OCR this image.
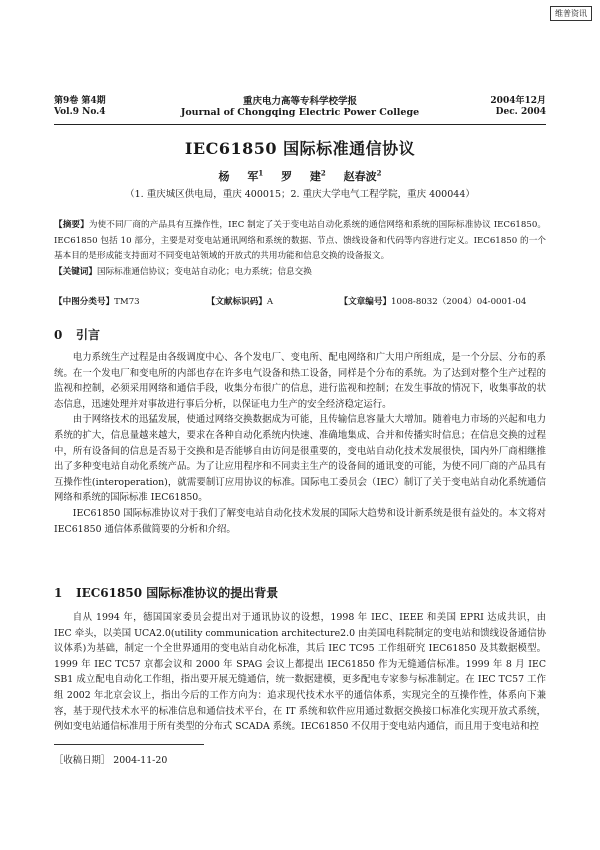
维普资讯
第9卷 第4期
Vol.9 No.4
重庆电力高等专科学校学报
Journal of Chongqing Electric Power College
2004年12月
Dec. 2004
IEC61850 国际标准通信协议
杨 军$^1$ 罗 建$^2$ 赵春波$^2$
（1. 重庆城区供电局，重庆 400015；2. 重庆大学电气工程学院，重庆 400044）
【摘要】为使不同厂商的产品具有互操作性，IEC 制定了关于变电站自动化系统的通信网络和系统的国际标准协议 IEC61850。IEC61850 包括 10 部分，主要是对变电站通讯网络和系统的数据、节点、馈线设备和代码等内容进行定义。IEC61850 的一个基本目的是形成能支持面对不同变电站领域的开放式的共用功能和信息交换的设备报文。
【关键词】国际标准通信协议；变电站自动化；电力系统；信息交换
【中图分类号】TM73	【文献标识码】A	【文章编号】1008-8032（2004）04-0001-04
0 引言

电力系统生产过程是由各级调度中心、各个发电厂、变电所、配电网络和广大用户所组成，是一个分层、分布的系统。在一个发电厂和变电所的内部也存在许多电气设备和热工设备，同样是个分布的系统。为了达到对整个生产过程的监视和控制，必须采用网络和通信手段，收集分布很广的信息，进行监视和控制；在发生事故的情况下，收集事故的状态信息，迅速处理并对事故进行事后分析，以保证电力生产的安全经济稳定运行。

由于网络技术的迅猛发展，使通过网络交换数据成为可能，且传输信息容量大大增加。随着电力市场的兴起和电力系统的扩大，信息量越来越大，要求在各种自动化系统内快速、准确地集成、合并和传播实时信息；在信息交换的过程中，所有设备间的信息是否易于交换和是否能够自由访问是很重要的，变电站自动化技术发展很快，国内外厂商相继推出了多种变电站自动化系统产品。为了让应用程序和不同卖主生产的设备间的通讯变的可能，为使不同厂商的产品具有互操作性(interoperation)，就需要制订应用协议的标准。国际电工委员会（IEC）制订了关于变电站自动化系统通信网络和系统的国际标准 IEC61850。

IEC61850 国际标准协议对于我们了解变电站自动化技术发展的国际大趋势和设计新系统是很有益处的。本文将对 IEC61850 通信体系做简要的分析和介绍。

1 IEC61850 国际标准协议的提出背景

自从 1994 年，德国国家委员会提出对于通讯协议的设想，1998 年 IEC、IEEE 和美国 EPRI 达成共识，由 IEC 牵头，以美国 UCA2.0(utility communication architecture2.0 由美国电科院制定的变电站和馈线设备通信协议体系)为基础，制定一个全世界通用的变电站自动化标准，其后 IEC TC95 工作组研究 IEC61850 及其数据模型。1999 年 IEC TC57 京都会议和 2000 年 SPAG 会议上都提出 IEC61850 作为无缝通信标准。1999 年 8 月 IEC SB1 成立配电自动化工作组，指出要开展无缝通信，统一数据建模，更多配电专家参与标准制定。在 IEC TC57 工作组 2002 年北京会议上，指出今后的工作方向为：追求现代技术水平的通信体系，实现完全的互操作性，体系向下兼容，基于现代技术水平的标准信息和通信技术平台，在 IT 系统和软件应用通过数据交换接口标准化实现开放式系统，例如变电站通信标准用于所有类型的分布式 SCADA 系统。IEC61850 不仅用于变电站内通信，而且用于变电站和控

［收稿日期］ 2004-11-20
